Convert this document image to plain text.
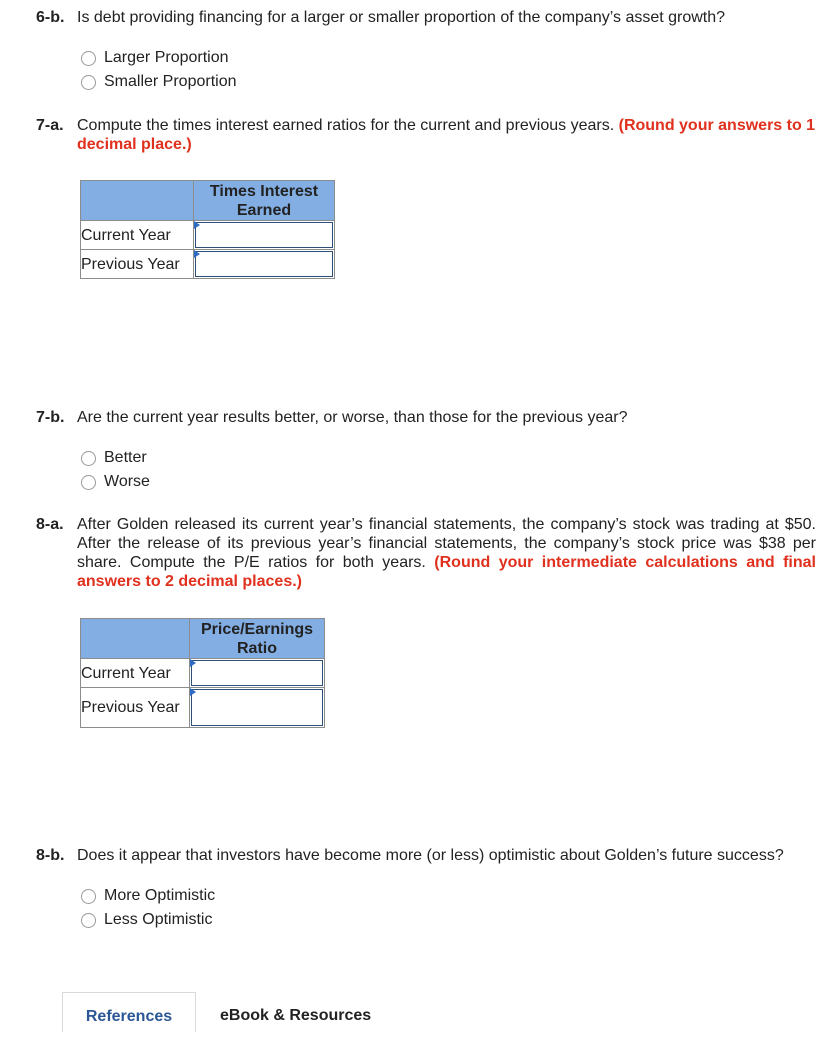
6-b. Is debt providing financing for a larger or smaller proportion of the company’s asset growth?
Larger Proportion
Smaller Proportion
7-a. Compute the times interest earned ratios for the current and previous years. (Round your answers to 1 decimal place.)
	Times Interest Earned
Current Year	

Previous Year	
7-b. Are the current year results better, or worse, than those for the previous year?
Better
Worse
8-a. After Golden released its current year’s financial statements, the company’s stock was trading at $50. After the release of its previous year’s financial statements, the company’s stock price was $38 per share. Compute the P/E ratios for both years. (Round your intermediate calculations and final answers to 2 decimal places.)
	Price/Earnings Ratio
Current Year	

Previous Year	
8-b. Does it appear that investors have become more (or less) optimistic about Golden’s future success?
More Optimistic
Less Optimistic
References	eBook & Resources
